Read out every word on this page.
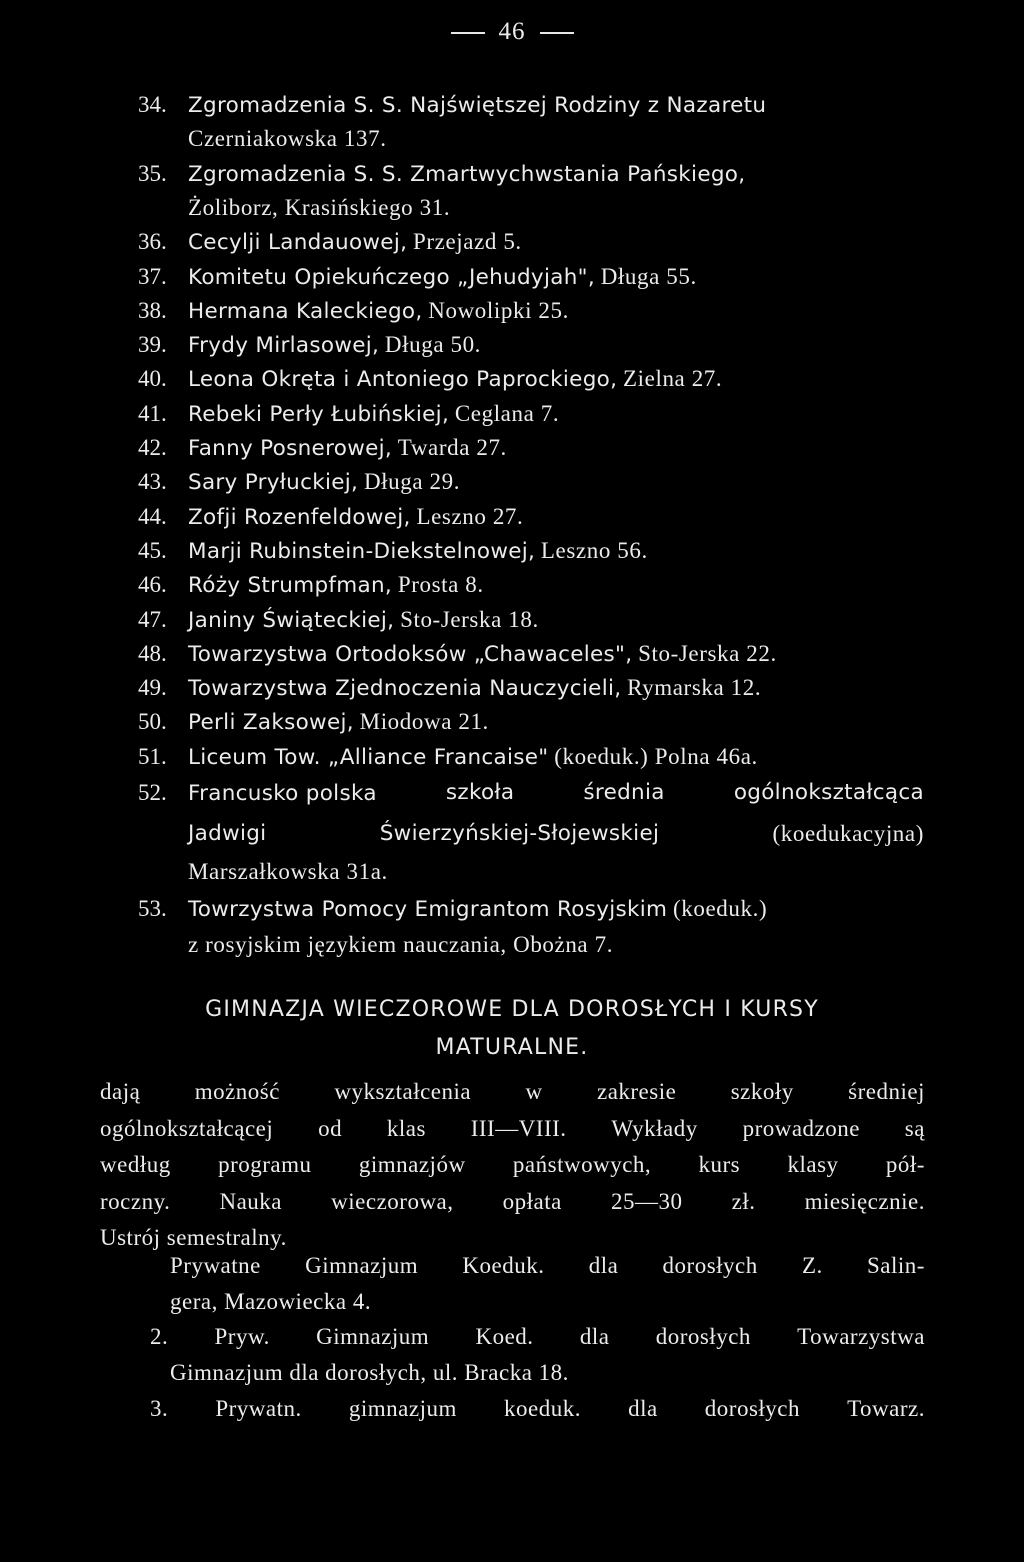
46
34. Zgromadzenia S. S. Najświętszej Rodziny z Nazaretu
Czerniakowska 137.
35. Zgromadzenia S. S. Zmartwychwstania Pańskiego,
Żoliborz, Krasińskiego 31.
36. Cecylji Landauowej, Przejazd 5.
37. Komitetu Opiekuńczego „Jehudyjah", Długa 55.
38. Hermana Kaleckiego, Nowolipki 25.
39. Frydy Mirlasowej, Długa 50.
40. Leona Okręta i Antoniego Paprockiego, Zielna 27.
41. Rebeki Perły Łubińskiej, Ceglana 7.
42. Fanny Posnerowej, Twarda 27.
43. Sary Pryłuckiej, Długa 29.
44. Zofji Rozenfeldowej, Leszno 27.
45. Marji Rubinstein-Diekstelnowej, Leszno 56.
46. Róży Strumpfman, Prosta 8.
47. Janiny Świąteckiej, Sto-Jerska 18.
48. Towarzystwa Ortodoksów „Chawaceles", Sto-Jerska 22.
49. Towarzystwa Zjednoczenia Nauczycieli, Rymarska 12.
50. Perli Zaksowej, Miodowa 21.
51. Liceum Tow. „Alliance Francaise" (koeduk.) Polna 46a.
52. Francusko polska	szkoła	średnia	ogólnokształcąca
Jadwigi	Świerzyńskiej-Słojewskiej	(koedukacyjna)
Marszałkowska 31a.
53. Towrzystwa Pomocy Emigrantom Rosyjskim (koeduk.)
z rosyjskim językiem nauczania, Obożna 7.
GIMNAZJA WIECZOROWE DLA DOROSŁYCH I KURSY
MATURALNE.
dają możność wykształcenia w zakresie szkoły średniej
ogólnokształcącej od klas III—VIII. Wykłady prowadzone są
według programu gimnazjów państwowych, kurs klasy pół-
roczny. Nauka wieczorowa, opłata 25—30 zł. miesięcznie.
Ustrój semestralny.
Prywatne Gimnazjum Koeduk. dla dorosłych Z. Salin-
gera, Mazowiecka 4.
2. Pryw. Gimnazjum Koed. dla dorosłych Towarzystwa
Gimnazjum dla dorosłych, ul. Bracka 18.
3. Prywatn. gimnazjum koeduk. dla dorosłych Towarz.
